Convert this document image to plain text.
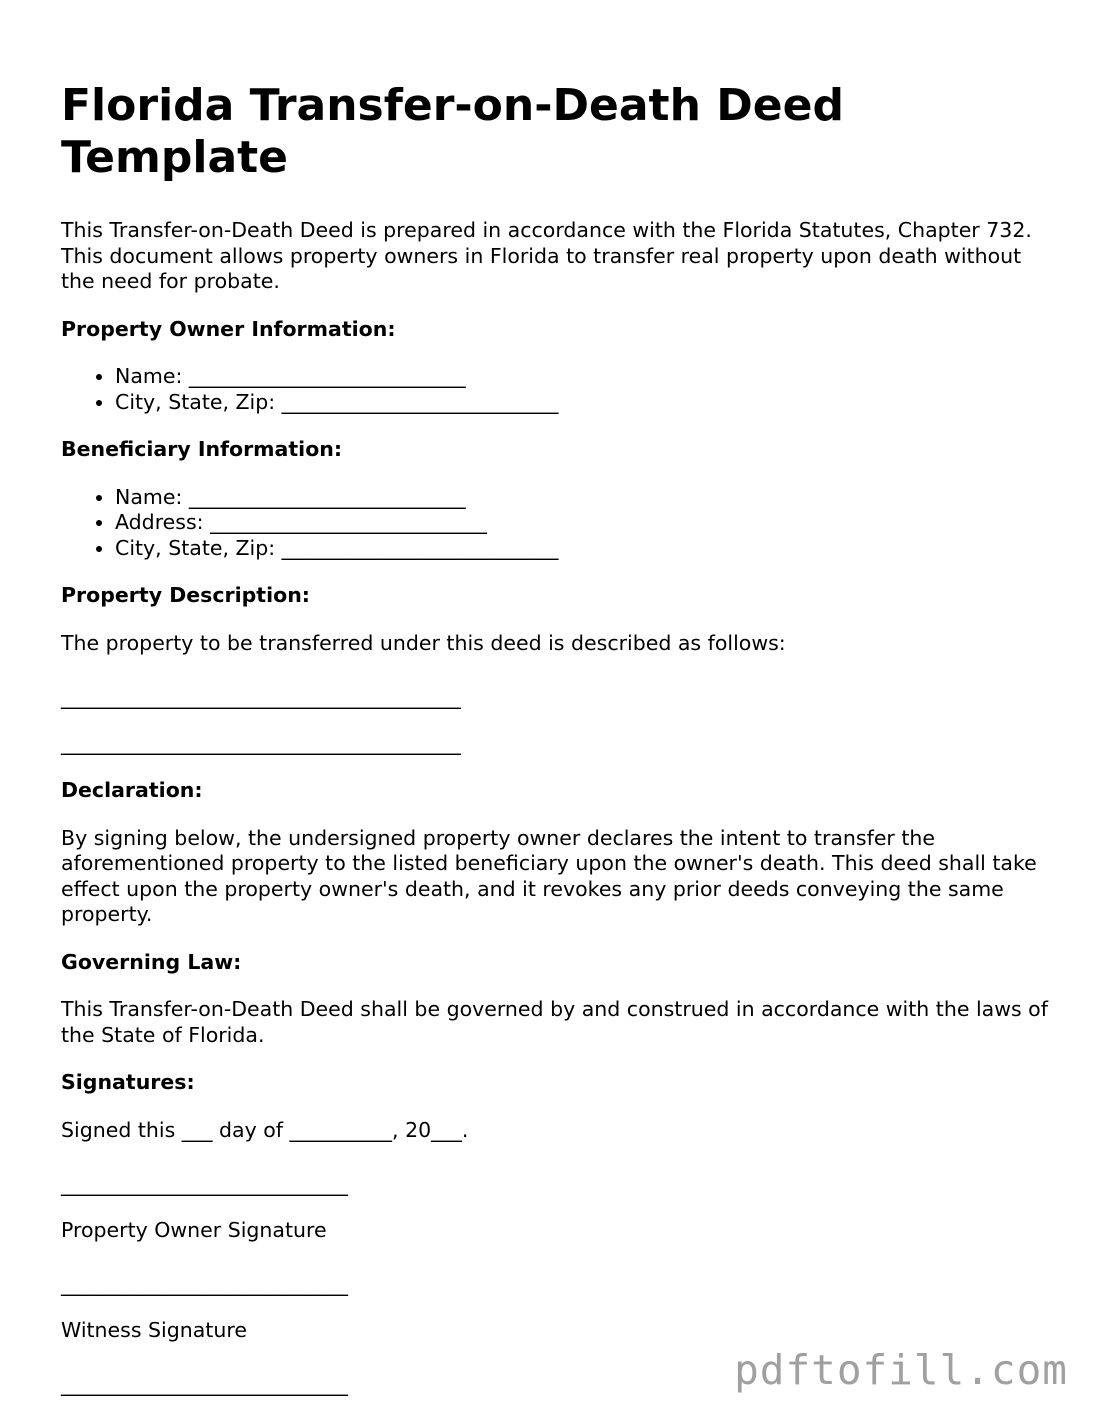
Florida Transfer-on-Death Deed Template

This Transfer-on-Death Deed is prepared in accordance with the Florida Statutes, Chapter 732. This document allows property owners in Florida to transfer real property upon death without the need for probate.

Property Owner Information:

• Name: ___________________________
• City, State, Zip: ___________________________

Beneficiary Information:

• Name: ___________________________
• Address: ___________________________
• City, State, Zip: ___________________________

Property Description:

The property to be transferred under this deed is described as follows:

_______________________________________

_______________________________________

Declaration:

By signing below, the undersigned property owner declares the intent to transfer the aforementioned property to the listed beneficiary upon the owner's death. This deed shall take effect upon the property owner's death, and it revokes any prior deeds conveying the same property.

Governing Law:

This Transfer-on-Death Deed shall be governed by and construed in accordance with the laws of the State of Florida.

Signatures:

Signed this ___ day of __________, 20___.

____________________________

Property Owner Signature

____________________________

Witness Signature

____________________________	pdftofill.com
